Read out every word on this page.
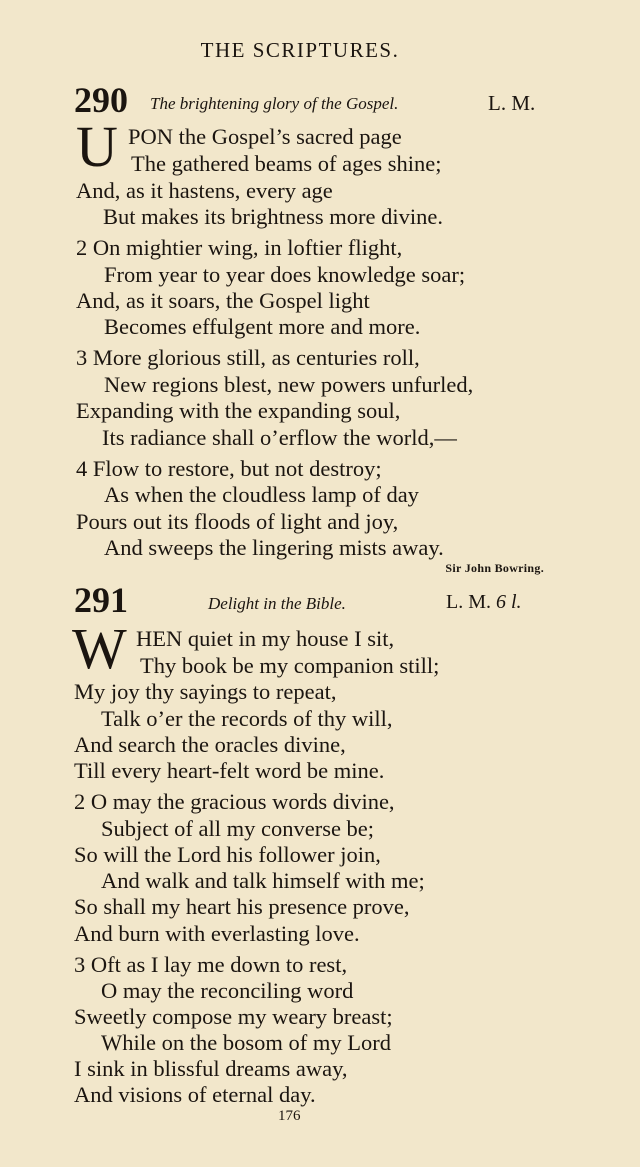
THE SCRIPTURES.
290 The brightening glory of the Gospel.	L. M.
U PON the Gospel’s sacred page
The gathered beams of ages shine;
And, as it hastens, every age
But makes its brightness more divine.
2 On mightier wing, in loftier flight,
From year to year does knowledge soar;
And, as it soars, the Gospel light
Becomes effulgent more and more.
3 More glorious still, as centuries roll,
New regions blest, new powers unfurled,
Expanding with the expanding soul,
Its radiance shall o’erflow the world,—
4 Flow to restore, but not destroy;
As when the cloudless lamp of day
Pours out its floods of light and joy,
And sweeps the lingering mists away.
Sir John Bowring.
291	Delight in the Bible.	L. M. 6 l.
W HEN quiet in my house I sit,
Thy book be my companion still;
My joy thy sayings to repeat,
Talk o’er the records of thy will,
And search the oracles divine,
Till every heart-felt word be mine.
2 O may the gracious words divine,
Subject of all my converse be;
So will the Lord his follower join,
And walk and talk himself with me;
So shall my heart his presence prove,
And burn with everlasting love.
3 Oft as I lay me down to rest,
O may the reconciling word
Sweetly compose my weary breast;
While on the bosom of my Lord
I sink in blissful dreams away,
And visions of eternal day.
176
